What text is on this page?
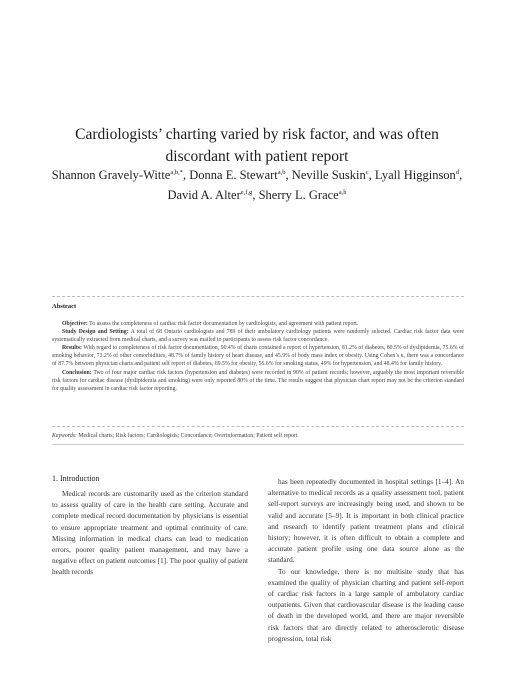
Cardiologists’ charting varied by risk factor, and was often discordant with patient report
Shannon Gravely-Witte$^{a,b,*}$, Donna E. Stewart$^{a,b}$, Neville Suskin$^c$, Lyall Higginson$^d$, David A. Alter$^{e,f,g}$, Sherry L. Grace$^{a,h}$
Abstract

Objective: To assess the completeness of cardiac risk factor documentation by cardiologists, and agreement with patient report.

Study Design and Setting: A total of 68 Ontario cardiologists and 789 of their ambulatory cardiology patients were randomly selected. Cardiac risk factor data were systematically extracted from medical charts, and a survey was mailed to participants to assess risk factor concordance.

Results: With regard to completeness of risk factor documentation, 90.4% of charts contained a report of hypertension, 81.2% of diabetes, 80.5% of dyslipidemia, 75.6% of smoking behavior, 73.2% of other comorbidities, 48.7% of family history of heart disease, and 45.9% of body mass index or obesity. Using Cohen’s κ, there was a concordance of 87.7% between physician charts and patient self report of diabetes, 69.5% for obesity, 56.6% for smoking status, 49% for hypertension, and 48.4% for family history.

Conclusion: Two of four major cardiac risk factors (hypertension and diabetes) were recorded in 90% of patient records; however, arguably the most important reversible risk factors for cardiac disease (dyslipidemia and smoking) were only reported 80% of the time. The results suggest that physician chart report may not be the criterion standard for quality assessment in cardiac risk factor reporting.

Keywords: Medical charts; Risk factors; Cardiologists; Concordance; Overinformation; Patient self report
1. Introduction

Medical records are customarily used as the criterion standard to assess quality of care in the health care setting. Accurate and complete medical record documentation by physicians is essential to ensure appropriate treatment and optimal continuity of care. Missing information in medical charts can lead to medication errors, poorer quality patient management, and may have a negative effect on patient outcomes [1]. The poor quality of patient health records

has been repeatedly documented in hospital settings [1–4]. An alternative to medical records as a quality assessment tool, patient self-report surveys are increasingly being used, and shown to be valid and accurate [5–9]. It is important in both clinical practice and research to identify patient treatment plans and clinical history; however, it is often difficult to obtain a complete and accurate patient profile using one data source alone as the standard.

To our knowledge, there is no multisite study that has examined the quality of physician charting and patient self-report of cardiac risk factors in a large sample of ambulatory cardiac outpatients. Given that cardiovascular disease is the leading cause of death in the developed world, and there are major reversible risk factors that are directly related to atherosclerotic disease progression, total risk
